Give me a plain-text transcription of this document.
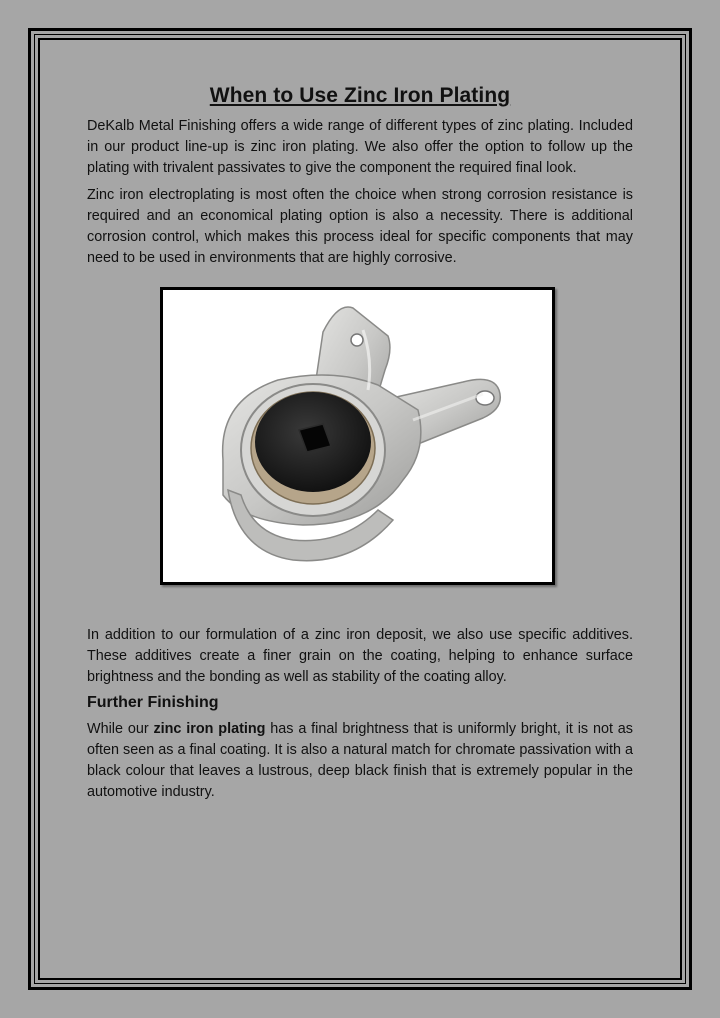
When to Use Zinc Iron Plating

DeKalb Metal Finishing offers a wide range of different types of zinc plating. Included in our product line-up is zinc iron plating. We also offer the option to follow up the plating with trivalent passivates to give the component the required final look.

Zinc iron electroplating is most often the choice when strong corrosion resistance is required and an economical plating option is also a necessity. There is additional corrosion control, which makes this process ideal for specific components that may need to be used in environments that are highly corrosive.

In addition to our formulation of a zinc iron deposit, we also use specific additives. These additives create a finer grain on the coating, helping to enhance surface brightness and the bonding as well as stability of the coating alloy.

Further Finishing

While our zinc iron plating has a final brightness that is uniformly bright, it is not as often seen as a final coating. It is also a natural match for chromate passivation with a black colour that leaves a lustrous, deep black finish that is extremely popular in the automotive industry.
